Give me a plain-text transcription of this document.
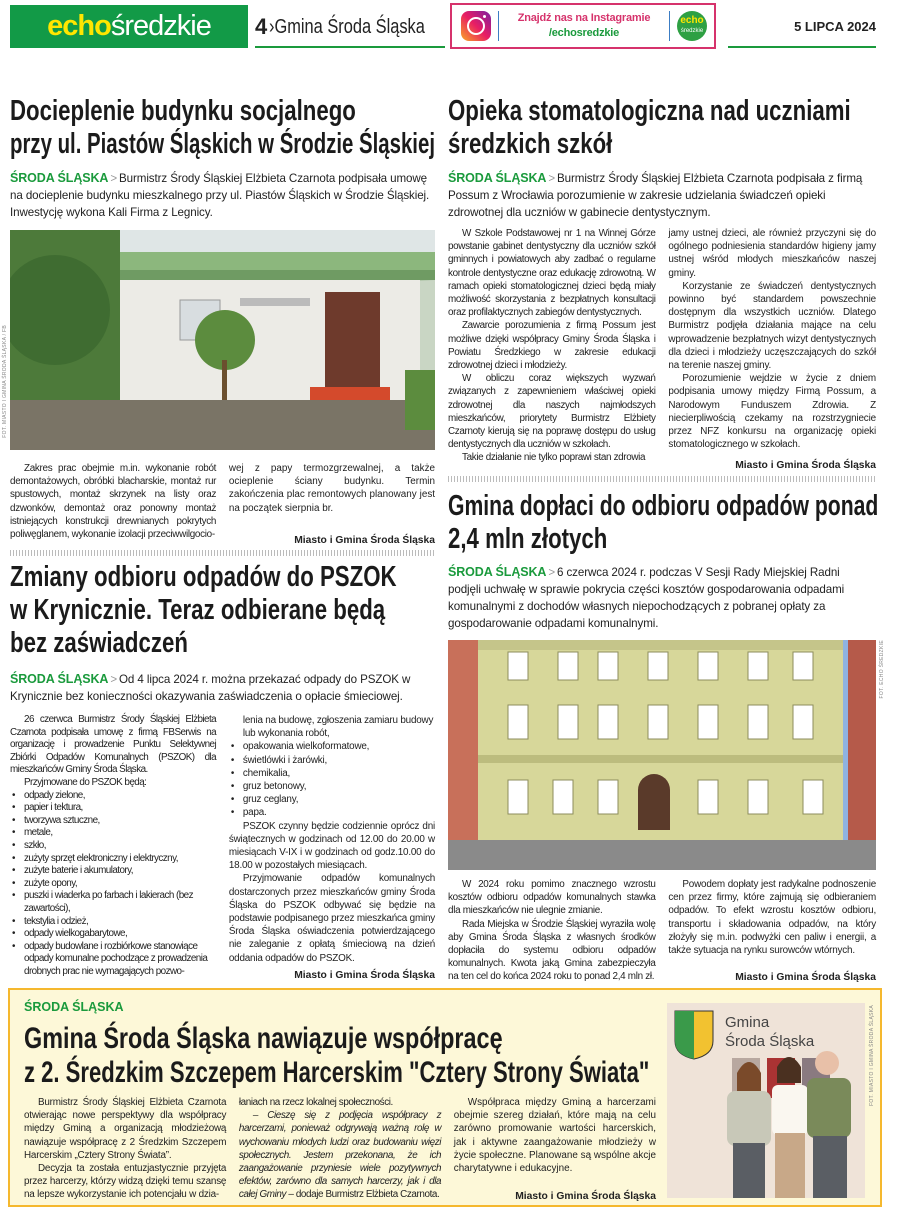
echo średzkie 4 ›Gmina Środa Śląska	Znajdź nas na Instagramie
/echosredzkie
echo
średzkie	5 LIPCA 2024
Docieplenie budynku socjalnego
przy ul. Piastów Śląskich w Środzie Śląskiej
ŚRODA ŚLĄSKA > Burmistrz Środy Śląskiej Elżbieta Czarnota podpisała umowę na docieplenie budynku mieszkalnego przy ul. Piastów Śląskich w Środzie Śląskiej. Inwestycję wykona Kali Firma z Legnicy.
FOT. MIASTO I GMINA ŚRODA ŚLĄSKA / FB

Zakres prac obejmie m.in. wykonanie robót demontażowych, obróbki blacharskie, montaż rur spustowych, montaż skrzynek na listy oraz dzwonków, demontaż oraz ponowny montaż istniejących konstrukcji drewnianych pokrytych poliwęglanem, wykonanie izolacji przeciwwilgocio-

wej z papy termozgrzewalnej, a także ocieplenie ściany budynku. Termin zakończenia plac remontowych planowany jest na początek sierpnia br.

Miasto i Gmina Środa Śląska
Zmiany odbioru odpadów do PSZOK
w Krynicznie. Teraz odbierane będą
bez zaświadczeń
ŚRODA ŚLĄSKA > Od 4 lipca 2024 r. można przekazać odpady do PSZOK w Krynicznie bez konieczności okazywania zaświadczenia o opłacie śmieciowej.

26 czerwca Burmistrz Środy Śląskiej Elżbieta Czarnota podpisała umowę z firmą FBSerwis na organizację i prowadzenie Punktu Selektywnej Zbiórki Odpadów Komunalnych (PSZOK) dla mieszkańców Gminy Środa Śląska.

Przyjmowane do PSZOK będą:

• odpady zielone,
• papier i tektura,
• tworzywa sztuczne,
• metale,
• szkło,
• zużyty sprzęt elektroniczny i elektryczny,
• zużyte baterie i akumulatory,
• zużyte opony,
• puszki i wiaderka po farbach i lakierach (bez zawartości),
• tekstylia i odzież,
• odpady wielkogabarytowe,
• odpady budowlane i rozbiórkowe stanowiące odpady komunalne pochodzące z prowadzenia drobnych prac nie wymagających pozwo-
lenia na budowę, zgłoszenia zamiaru budowy lub wykonania robót,
• opakowania wielkoformatowe,
• świetlówki i żarówki,
• chemikalia,
• gruz betonowy,
• gruz ceglany,
• papa.

PSZOK czynny będzie codziennie oprócz dni świątecznych w godzinach od 12.00 do 20.00 w miesiącach V-IX i w godzinach od godz.10.00 do 18.00 w pozostałych miesiącach.

Przyjmowanie odpadów komunalnych dostarczonych przez mieszkańców gminy Środa Śląska do PSZOK odbywać się będzie na podstawie podpisanego przez mieszkańca gminy Środa Śląska oświadczenia potwierdzającego nie zaleganie z opłatą śmieciową na dzień oddania odpadów do PSZOK.

Miasto i Gmina Środa Śląska
Opieka stomatologiczna nad uczniami
średzkich szkół
ŚRODA ŚLĄSKA > Burmistrz Środy Śląskiej Elżbieta Czarnota podpisała z firmą Possum z Wrocławia porozumienie w zakresie udzielania świadczeń opieki zdrowotnej dla uczniów w gabinecie dentystycznym.

W Szkole Podstawowej nr 1 na Winnej Górze powstanie gabinet dentystyczny dla uczniów szkół gminnych i powiatowych aby zadbać o regularne kontrole dentystyczne oraz edukację zdrowotną. W ramach opieki stomatologicznej dzieci będą miały możliwość skorzystania z bezpłatnych konsultacji oraz profilaktycznych zabiegów dentystycznych.

Zawarcie porozumienia z firmą Possum jest możliwe dzięki współpracy Gminy Środa Śląska i Powiatu Średzkiego w zakresie edukacji zdrowotnej dzieci i młodzieży.

W obliczu coraz większych wyzwań związanych z zapewnieniem właściwej opieki zdrowotnej dla naszych najmłodszych mieszkańców, priorytety Burmistrz Elżbiety Czarnoty kierują się na poprawę dostępu do usług dentystycznych dla uczniów w szkołach.

Takie działanie nie tylko poprawi stan zdrowia

jamy ustnej dzieci, ale również przyczyni się do ogólnego podniesienia standardów higieny jamy ustnej wśród młodych mieszkańców naszej gminy.

Korzystanie ze świadczeń dentystycznych powinno być standardem powszechnie dostępnym dla wszystkich uczniów. Dlatego Burmistrz podjęła działania mające na celu wprowadzenie bezpłatnych wizyt dentystycznych dla dzieci i młodzieży uczęszczających do szkół na terenie naszej gminy.

Porozumienie wejdzie w życie z dniem podpisania umowy między Firmą Possum, a Narodowym Funduszem Zdrowia. Z niecierpliwością czekamy na rozstrzygniecie przez NFZ konkursu na organizację opieki stomatologicznego w szkołach.

Miasto i Gmina Środa Śląska
Gmina dopłaci do odbioru odpadów ponad
2,4 mln złotych
ŚRODA ŚLĄSKA > 6 czerwca 2024 r. podczas V Sesji Rady Miejskiej Radni podjęli uchwałę w sprawie pokrycia części kosztów gospodarowania odpadami komunalnymi z dochodów własnych niepochodzących z pobranej opłaty za gospodarowanie odpadami komunalnymi.
FOT. ECHO ŚREDZKIE

W 2024 roku pomimo znacznego wzrostu kosztów odbioru odpadów komunalnych stawka dla mieszkańców nie ulegnie zmianie.

Rada Miejska w Środzie Śląskiej wyraziła wolę aby Gmina Środa Śląska z własnych środków dopłaciła do systemu odbioru odpadów komunalnych. Kwota jaką Gmina zabezpieczyła na ten cel do końca 2024 roku to ponad 2,4 mln zł.

Powodem dopłaty jest radykalne podnoszenie cen przez firmy, które zajmują się odbieraniem odpadów. To efekt wzrostu kosztów odbioru, transportu i składowania odpadów, na który złożyły się m.in. podwyżki cen paliw i energii, a także sytuacja na rynku surowców wtórnych.

Miasto i Gmina Środa Śląska
ŚRODA ŚLĄSKA
Gmina Środa Śląska nawiązuje współpracę
z 2. Średzkim Szczepem Harcerskim "Cztery Strony Świata"

Burmistrz Środy Śląskiej Elżbieta Czarnota otwierając nowe perspektywy dla współpracy między Gminą a organizacją młodzieżową nawiązuje współpracę z 2 Średzkim Szczepem Harcerskim „Cztery Strony Świata”.

Decyzja ta została entuzjastycznie przyjęta przez harcerzy, którzy widzą dzięki temu szansę na lepsze wykorzystanie ich potencjału w dzia-

łaniach na rzecz lokalnej społeczności.

– Cieszę się z podjęcia współpracy z harcerzami, ponieważ odgrywają ważną rolę w wychowaniu młodych ludzi oraz budowaniu więzi społecznych. Jestem przekonana, że ich zaangażowanie przyniesie wiele pozytywnych efektów, zarówno dla samych harcerzy, jak i dla całej Gminy – dodaje Burmistrz Elżbieta Czarnota.

Współpraca między Gminą a harcerzami obejmie szereg działań, które mają na celu zarówno promowanie wartości harcerskich, jak i aktywne zaangażowanie młodzieży w życie społeczne. Planowane są wspólne akcje charytatywne i edukacyjne.

Miasto i Gmina Środa Śląska
Gmina
Środa Śląska	FOT. MIASTO I GMINA ŚRODA ŚLĄSKA
